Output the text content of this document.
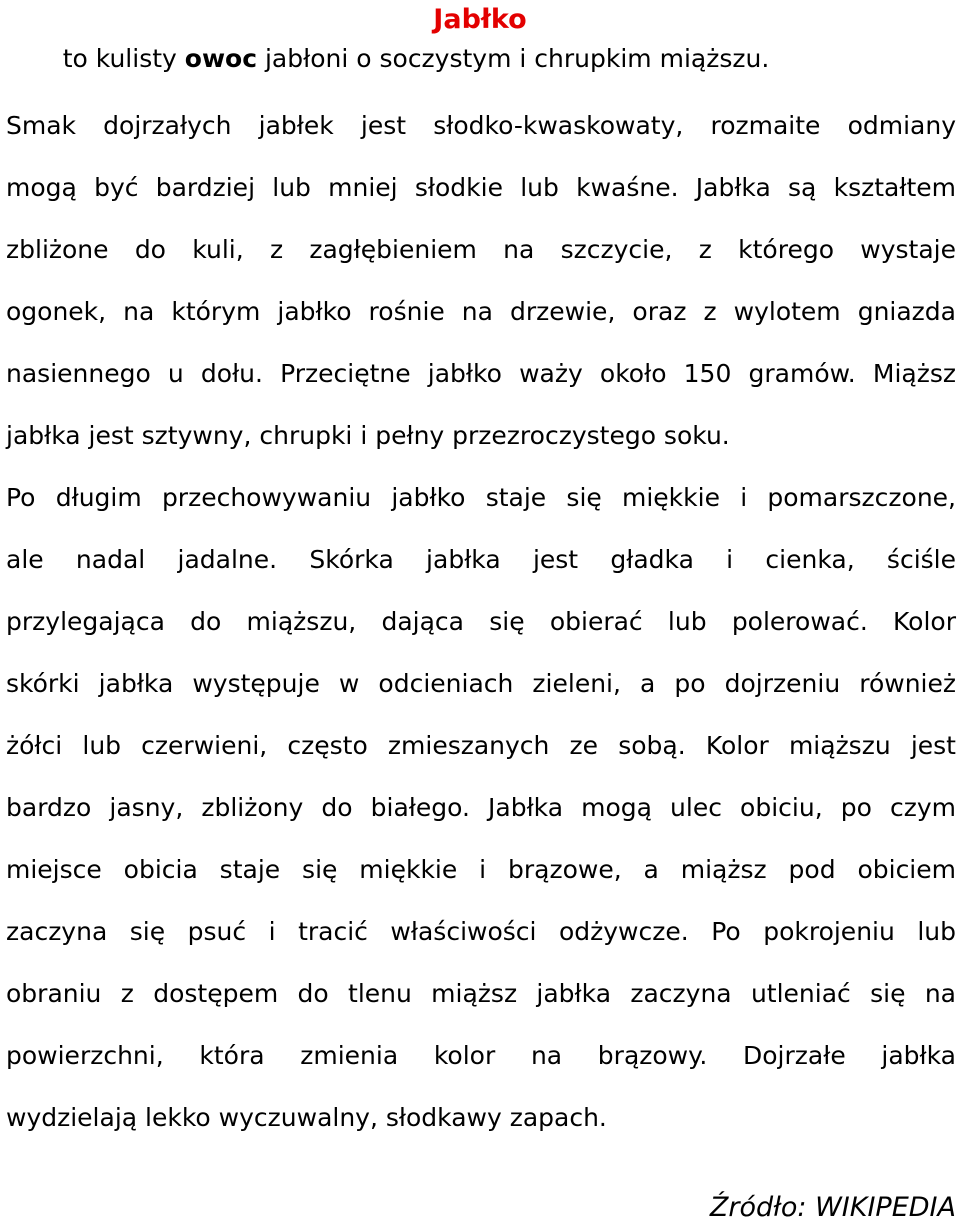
Jabłko
to kulisty owoc jabłoni o soczystym i chrupkim miąższu.
Smak dojrzałych jabłek jest słodko-kwaskowaty, rozmaite odmiany
mogą być bardziej lub mniej słodkie lub kwaśne. Jabłka są kształtem
zbliżone do kuli, z zagłębieniem na szczycie, z którego wystaje
ogonek, na którym jabłko rośnie na drzewie, oraz z wylotem gniazda
nasiennego u dołu. Przeciętne jabłko waży około 150 gramów. Miąższ
jabłka jest sztywny, chrupki i pełny przezroczystego soku.
Po długim przechowywaniu jabłko staje się miękkie i pomarszczone,
ale nadal jadalne. Skórka jabłka jest gładka i cienka, ściśle
przylegająca do miąższu, dająca się obierać lub polerować. Kolor
skórki jabłka występuje w odcieniach zieleni, a po dojrzeniu również
żółci lub czerwieni, często zmieszanych ze sobą. Kolor miąższu jest
bardzo jasny, zbliżony do białego. Jabłka mogą ulec obiciu, po czym
miejsce obicia staje się miękkie i brązowe, a miąższ pod obiciem
zaczyna się psuć i tracić właściwości odżywcze. Po pokrojeniu lub
obraniu z dostępem do tlenu miąższ jabłka zaczyna utleniać się na
powierzchni, która zmienia kolor na brązowy. Dojrzałe jabłka
wydzielają lekko wyczuwalny, słodkawy zapach.
Źródło: WIKIPEDIA
